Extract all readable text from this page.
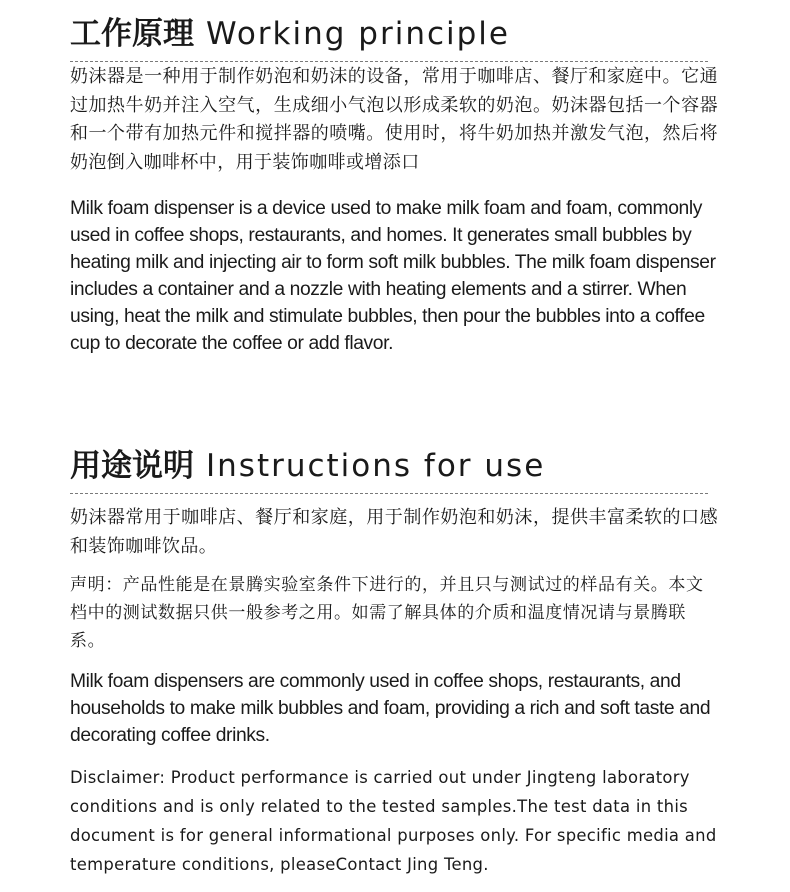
工作原理 Working principle

奶沫器是一种用于制作奶泡和奶沫的设备，常用于咖啡店、餐厅和家庭中。它通过加热牛奶并注入空气，生成细小气泡以形成柔软的奶泡。奶沫器包括一个容器和一个带有加热元件和搅拌器的喷嘴。使用时，将牛奶加热并激发气泡，然后将奶泡倒入咖啡杯中，用于装饰咖啡或增添口

Milk foam dispenser is a device used to make milk foam and foam, commonly used in coffee shops, restaurants, and homes. It generates small bubbles by heating milk and injecting air to form soft milk bubbles. The milk foam dispenser includes a container and a nozzle with heating elements and a stirrer. When using, heat the milk and stimulate bubbles, then pour the bubbles into a coffee cup to decorate the coffee or add flavor.

用途说明 Instructions for use

奶沫器常用于咖啡店、餐厅和家庭，用于制作奶泡和奶沫，提供丰富柔软的口感和装饰咖啡饮品。

声明：产品性能是在景腾实验室条件下进行的，并且只与测试过的样品有关。本文档中的测试数据只供一般参考之用。如需了解具体的介质和温度情况请与景腾联系。

Milk foam dispensers are commonly used in coffee shops, restaurants, and households to make milk bubbles and foam, providing a rich and soft taste and decorating coffee drinks.

Disclaimer: Product performance is carried out under Jingteng laboratory conditions and is only related to the tested samples.The test data in this document is for general informational purposes only. For specific media and temperature conditions, pleaseContact Jing Teng.
